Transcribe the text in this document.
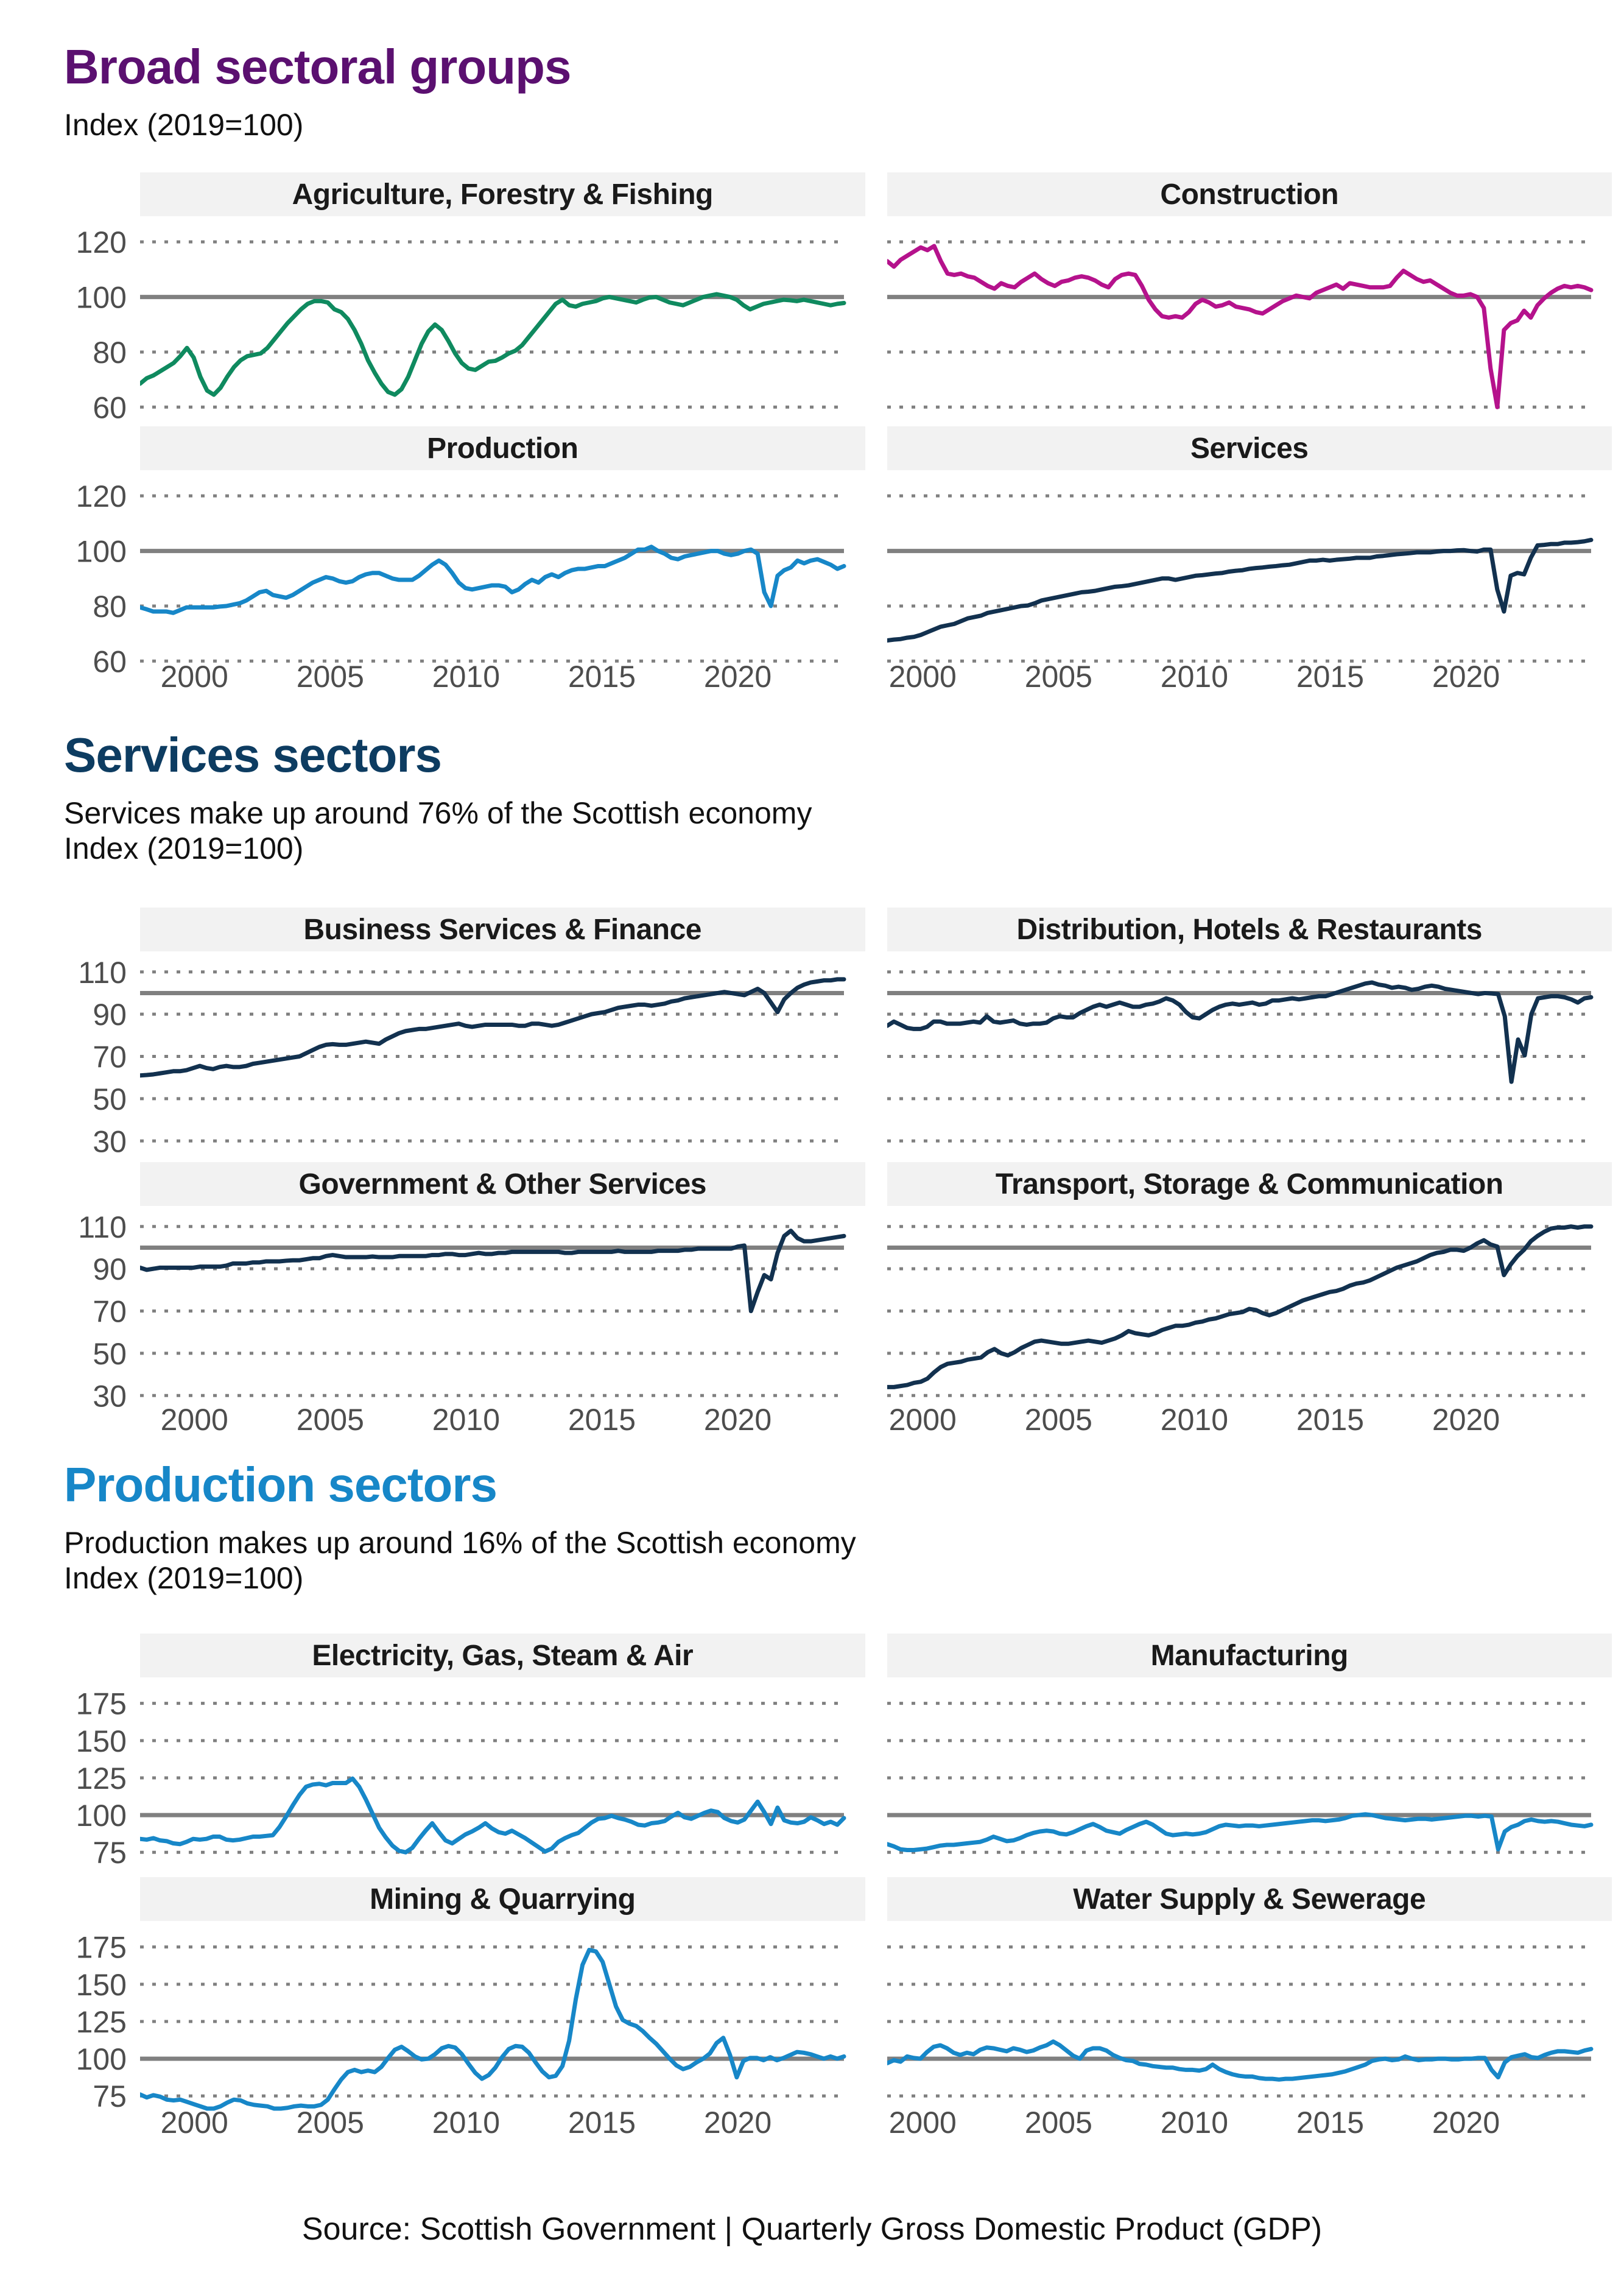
Broad sectoral groups
Index (2019=100)
Agriculture, Forestry & Fishing	Construction
Production	Services
60
80
100
120
60
80
100
120
2000 2005 2010 2015 2020	2000 2005 2010 2015 2020
Services sectors
Services make up around 76% of the Scottish economy
Index (2019=100)
Business Services & Finance	Distribution, Hotels & Restaurants
Government & Other Services	Transport, Storage & Communication
30
50
70
90
110
30
50
70
90
110
2000 2005 2010 2015 2020	2000 2005 2010 2015 2020
Production sectors
Production makes up around 16% of the Scottish economy
Index (2019=100)
Electricity, Gas, Steam & Air	Manufacturing
Mining & Quarrying	Water Supply & Sewerage
75
100
125
150
175
75
100
125
150
175
2000 2005 2010 2015 2020	2000 2005 2010 2015 2020
Source: Scottish Government | Quarterly Gross Domestic Product (GDP)
